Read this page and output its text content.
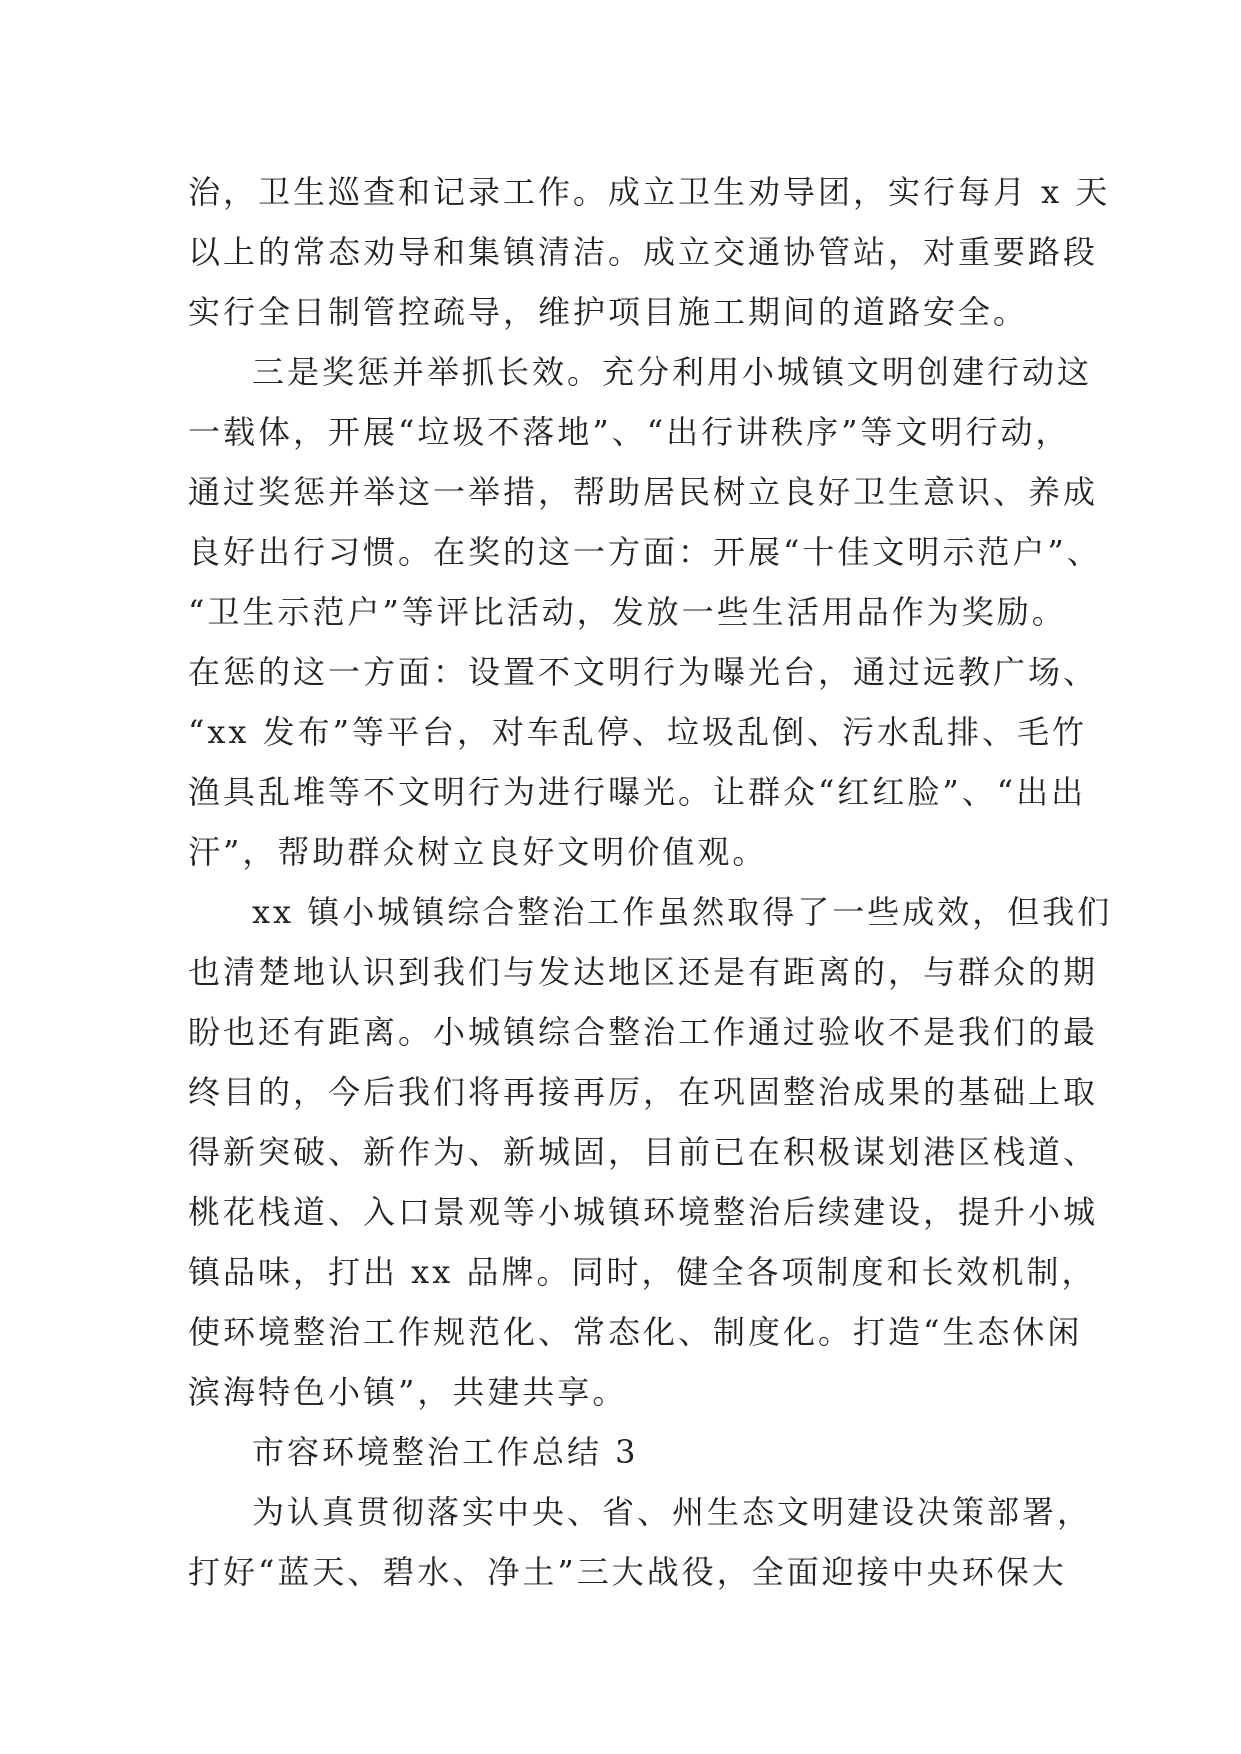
治，卫生巡查和记录工作。成立卫生劝导团，实行每月 x 天
以上的常态劝导和集镇清洁。成立交通协管站，对重要路段
实行全日制管控疏导，维护项目施工期间的道路安全。
三是奖惩并举抓长效。充分利用小城镇文明创建行动这
一载体，开展“垃圾不落地”、“出行讲秩序”等文明行动，
通过奖惩并举这一举措，帮助居民树立良好卫生意识、养成
良好出行习惯。在奖的这一方面：开展“十佳文明示范户”、
“卫生示范户”等评比活动，发放一些生活用品作为奖励。
在惩的这一方面：设置不文明行为曝光台，通过远教广场、
“xx 发布”等平台，对车乱停、垃圾乱倒、污水乱排、毛竹
渔具乱堆等不文明行为进行曝光。让群众“红红脸”、“出出
汗”，帮助群众树立良好文明价值观。
xx 镇小城镇综合整治工作虽然取得了一些成效，但我们
也清楚地认识到我们与发达地区还是有距离的，与群众的期
盼也还有距离。小城镇综合整治工作通过验收不是我们的最
终目的，今后我们将再接再厉，在巩固整治成果的基础上取
得新突破、新作为、新城固，目前已在积极谋划港区栈道、
桃花栈道、入口景观等小城镇环境整治后续建设，提升小城
镇品味，打出 xx 品牌。同时，健全各项制度和长效机制，
使环境整治工作规范化、常态化、制度化。打造“生态休闲
滨海特色小镇”，共建共享。
市容环境整治工作总结 3
为认真贯彻落实中央、省、州生态文明建设决策部署，
打好“蓝天、碧水、净土”三大战役，全面迎接中央环保大
